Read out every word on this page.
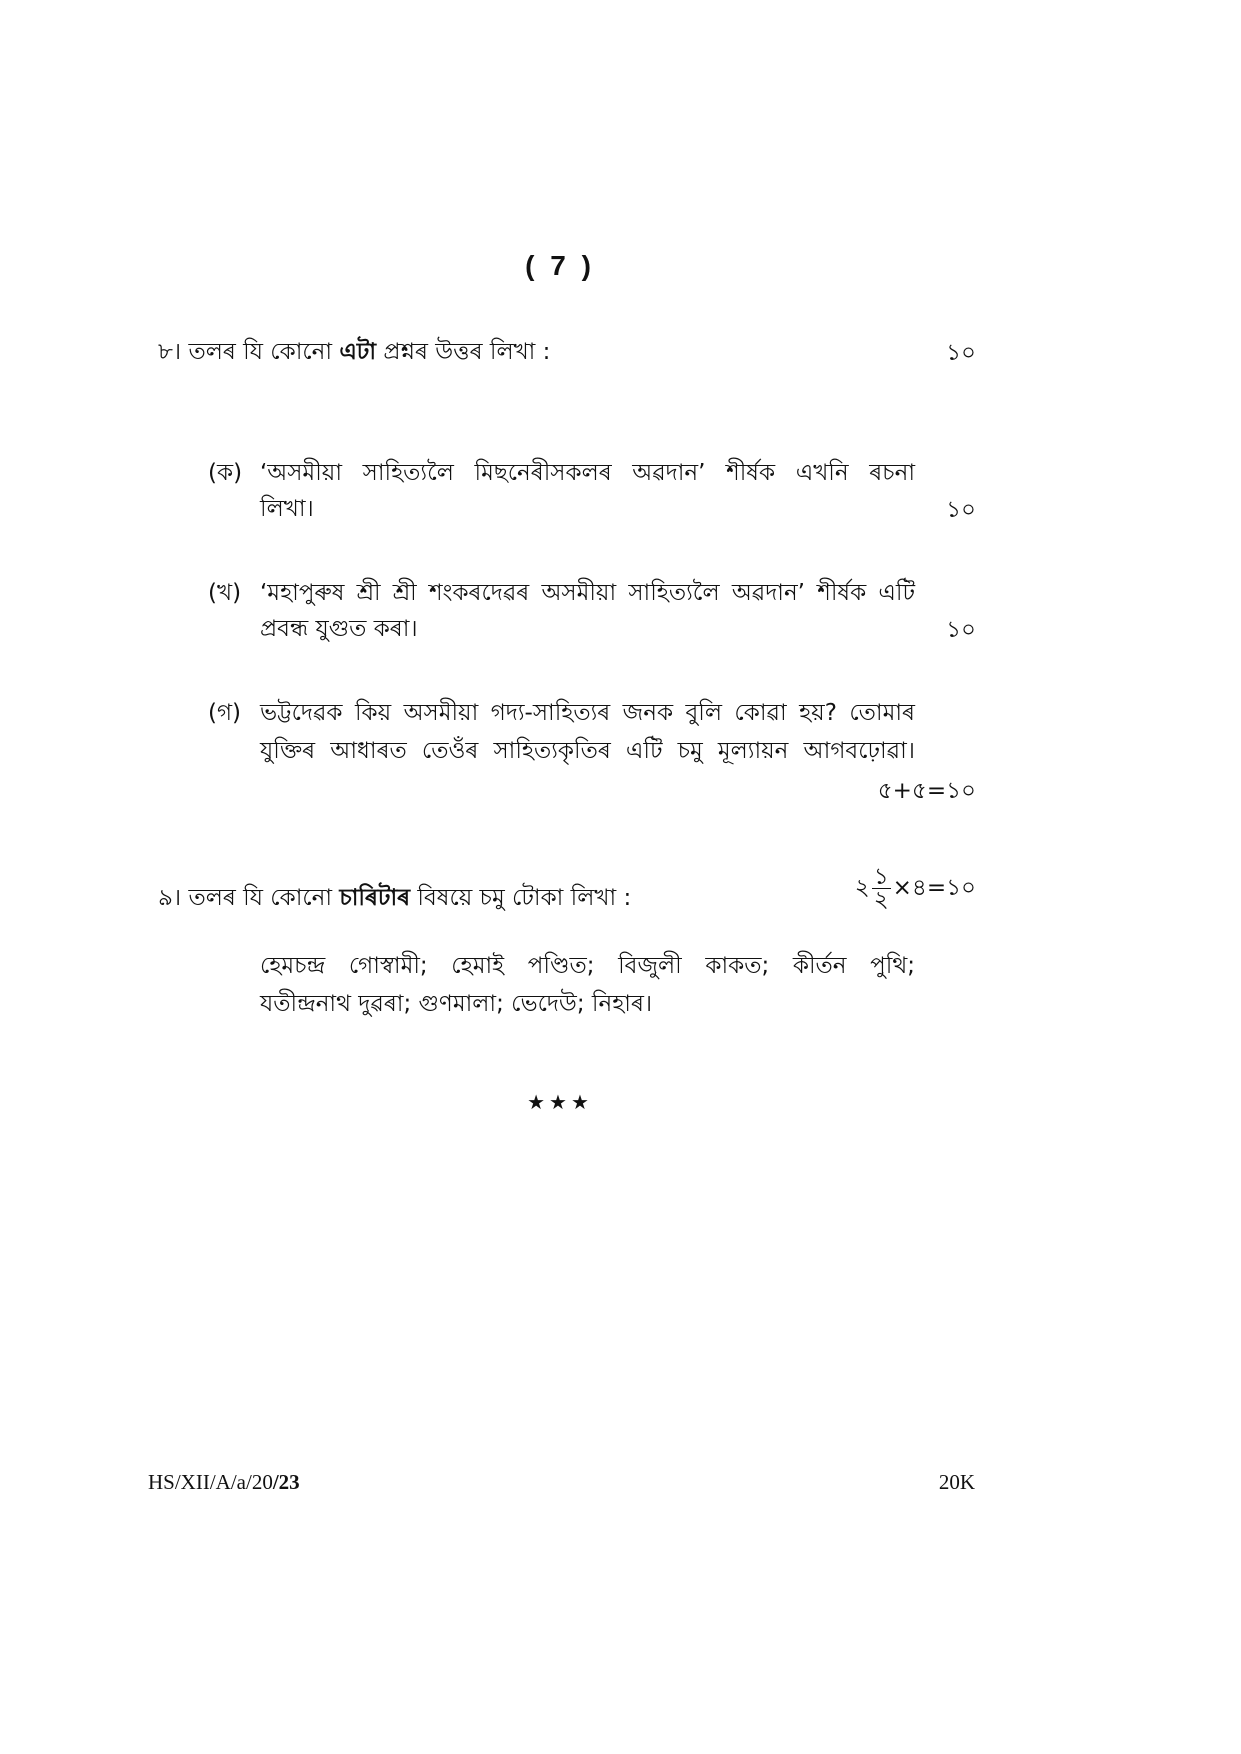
( 7 )
৮। তলৰ যি কোনো এটা প্ৰশ্নৰ উত্তৰ লিখা :	১০
(ক) ‘অসমীয়া সাহিত্যলৈ মিছনেৰীসকলৰ অৱদান’ শীৰ্ষক এখনি ৰচনা
লিখা।	১০
(খ) ‘মহাপুৰুষ শ্ৰী শ্ৰী শংকৰদেৱৰ অসমীয়া সাহিত্যলৈ অৱদান’ শীৰ্ষক এটি
প্ৰবন্ধ যুগুত কৰা।	১০
(গ) ভট্টদেৱক কিয় অসমীয়া গদ্য-সাহিত্যৰ জনক বুলি কোৱা হয়? তোমাৰ
যুক্তিৰ আধাৰত তেওঁৰ সাহিত্যকৃতিৰ এটি চমু মূল্যায়ন আগবঢ়োৱা।
৫+৫=১০
৯। তলৰ যি কোনো চাৰিটাৰ বিষয়ে চমু টোকা লিখা :	২ $\frac{১}{২}$ ×৪=১০
হেমচন্দ্ৰ গোস্বামী; হেমাই পণ্ডিত; বিজুলী কাকত; কীৰ্তন পুথি;
যতীন্দ্ৰনাথ দুৱৰা; গুণমালা; ভেদেউ; নিহাৰ।
★★★
HS/XII/A/a/20/23	20K
